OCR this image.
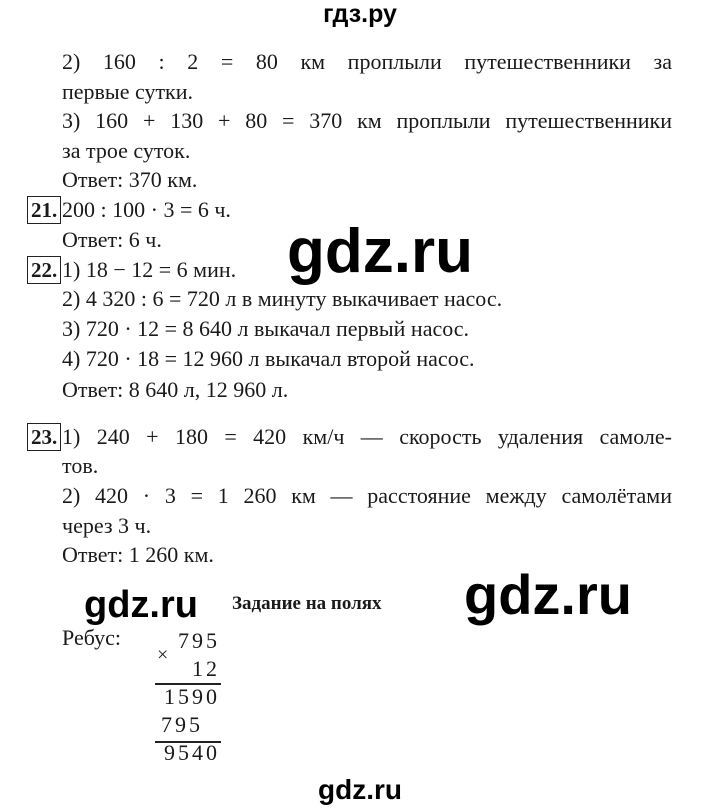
гдз.ру
2) 160 : 2 = 80 км проплыли путешественники за
первые сутки.
3) 160 + 130 + 80 = 370 км проплыли путешественники
за трое суток.
Ответ: 370 км.
21. 200 : 100 · 3 = 6 ч.
Ответ: 6 ч.
22. 1) 18 − 12 = 6 мин.
2) 4 320 : 6 = 720 л в минуту выкачивает насос.
3) 720 · 12 = 8 640 л выкачал первый насос.
4) 720 · 18 = 12 960 л выкачал второй насос.
Ответ: 8 640 л, 12 960 л.
23. 1) 240 + 180 = 420 км/ч — скорость удаления самоле-
тов.
2) 420 · 3 = 1 260 км — расстояние между самолётами
через 3 ч.
Ответ: 1 260 км.
gdz.ru
gdz.ru Задание на полях gdz.ru
Ребус:	795
×
12
1590
795
9540
gdz.ru
